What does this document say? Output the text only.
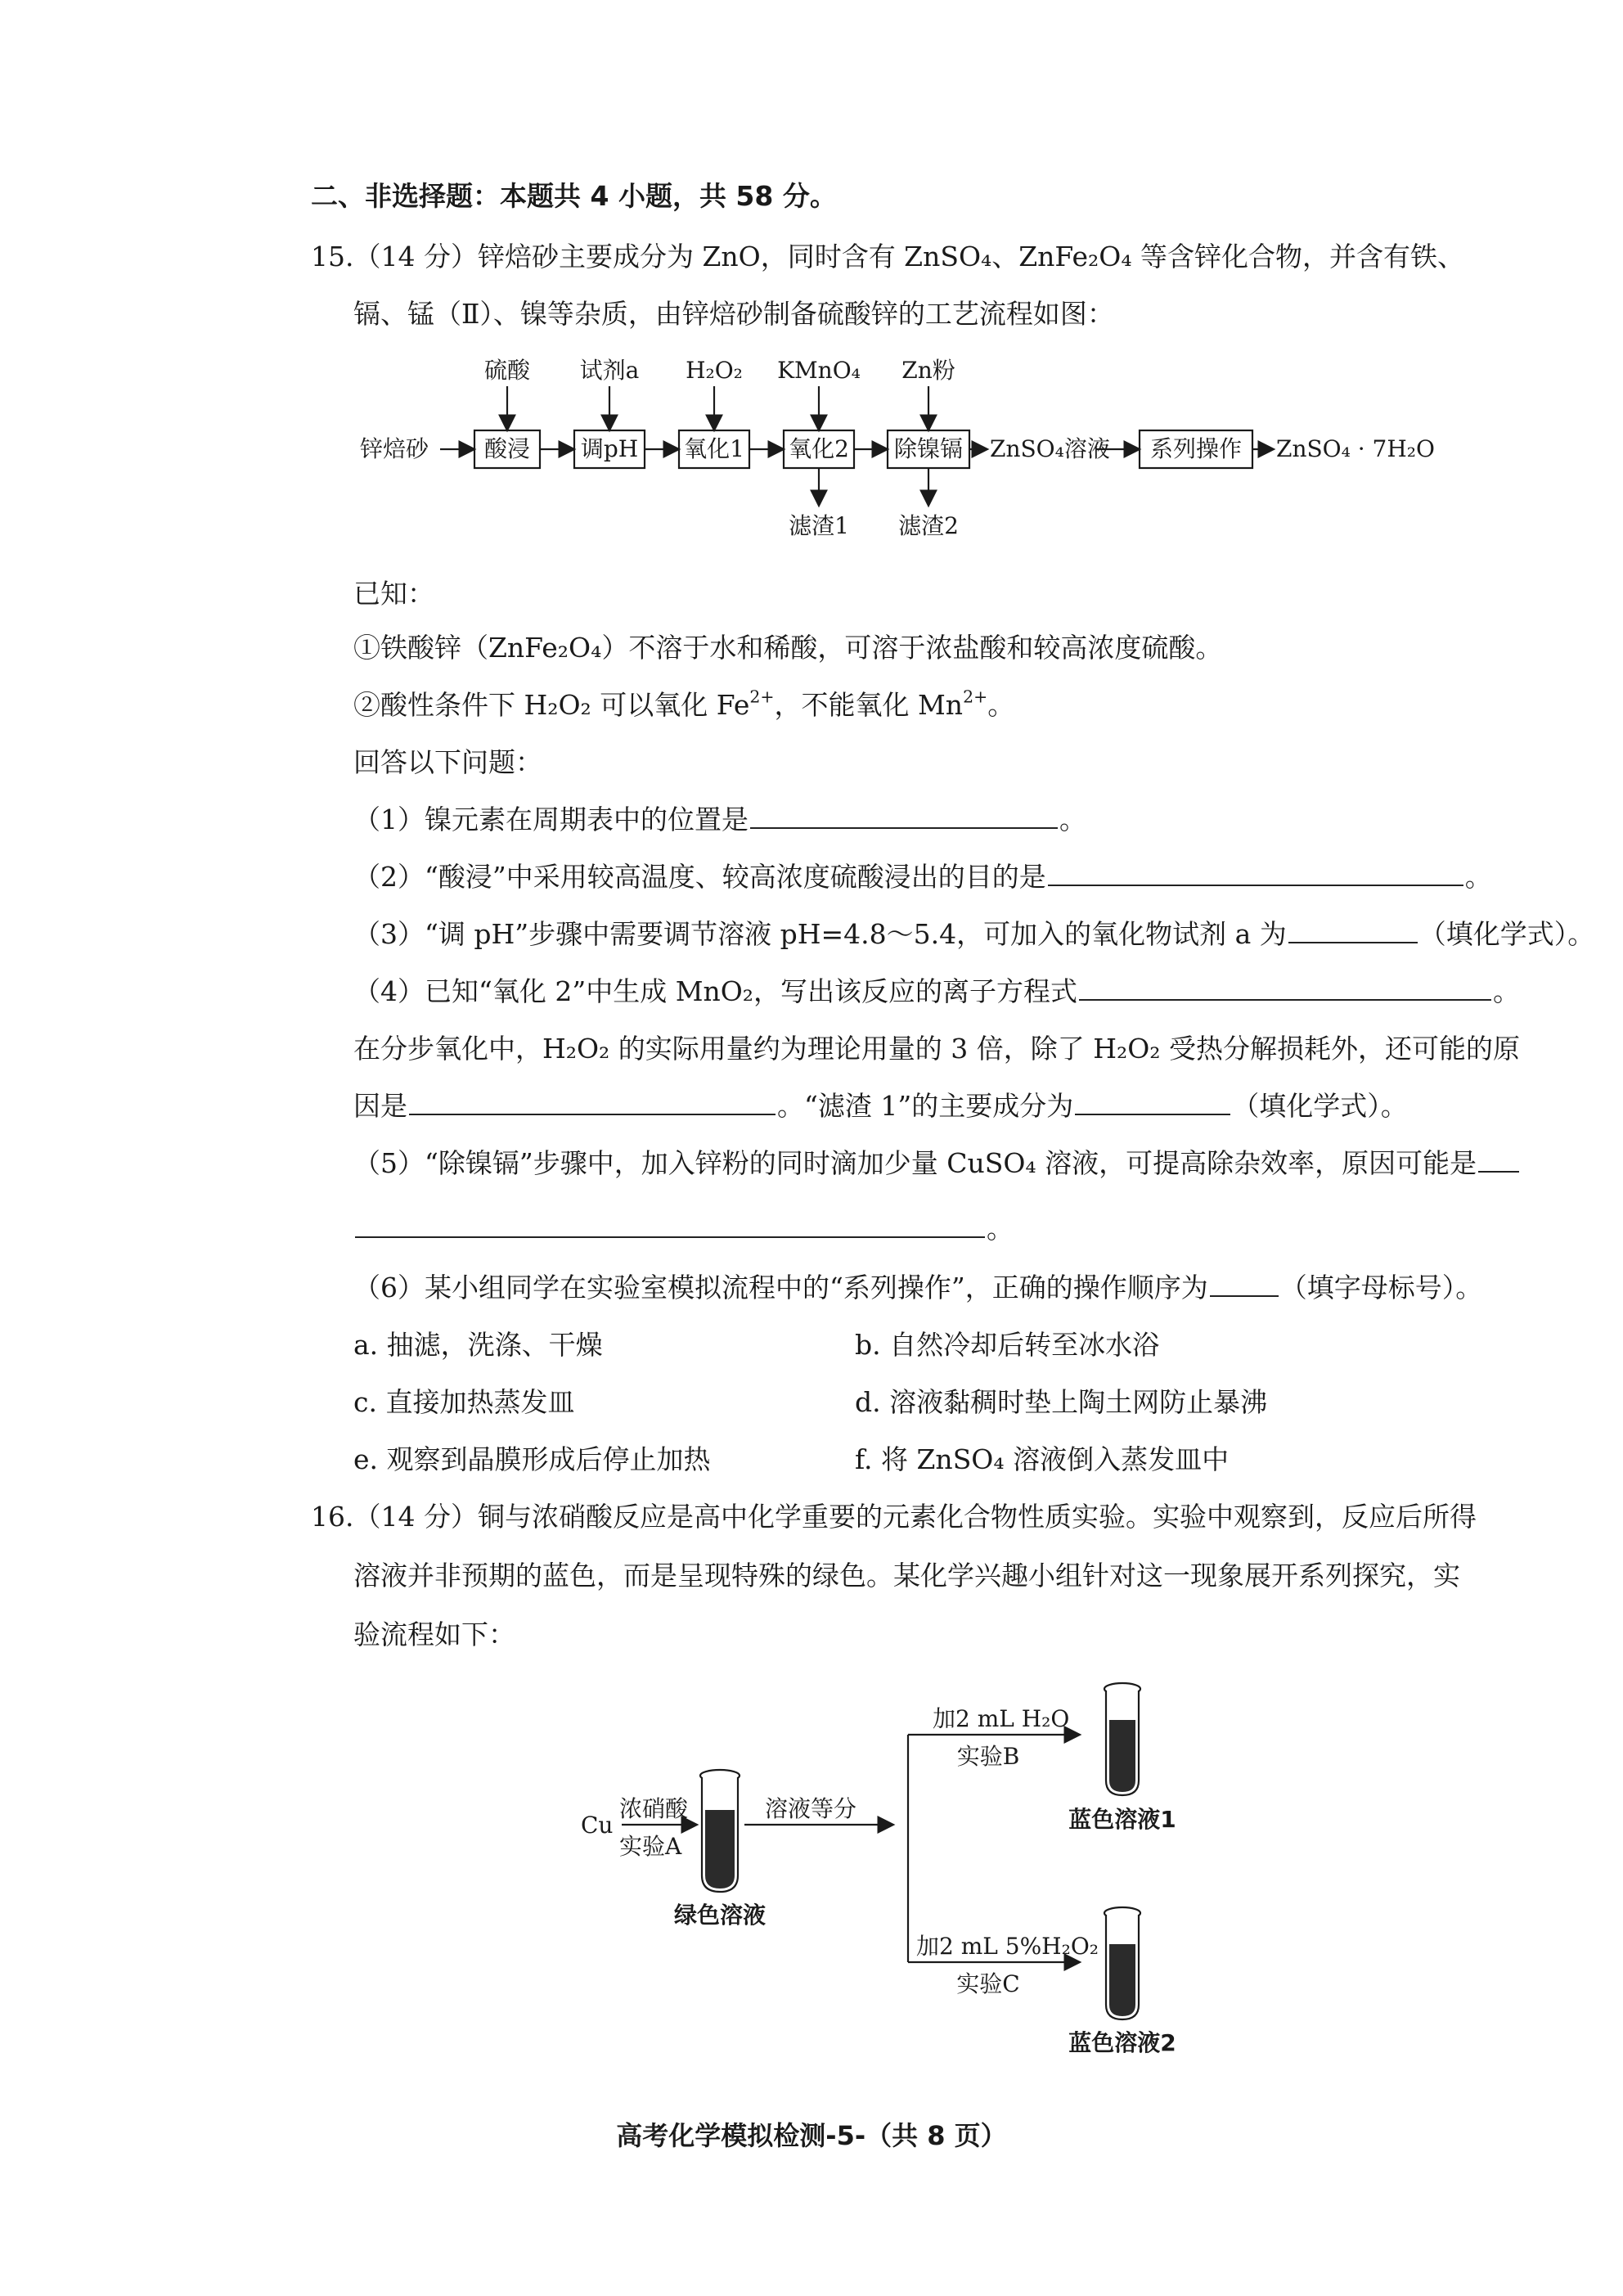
二、非选择题：本题共 4 小题，共 58 分。
15.（14 分）锌焙砂主要成分为 ZnO，同时含有 ZnSO₄、ZnFe₂O₄ 等含锌化合物，并含有铁、
镉、锰（Ⅱ）、镍等杂质，由锌焙砂制备硫酸锌的工艺流程如图：
锌焙砂 酸浸 调pH 氧化1 氧化2 除镍镉
硫酸 试剂a H₂O₂ KMnO₄ Zn粉
滤渣1 滤渣2
ZnSO₄溶液 系列操作 ZnSO₄ · 7H₂O
已知：
①铁酸锌（ZnFe₂O₄）不溶于水和稀酸，可溶于浓盐酸和较高浓度硫酸。
②酸性条件下 H₂O₂ 可以氧化 $Fe^{2+}$，不能氧化 $Mn^{2+}$。
回答以下问题：
（1）镍元素在周期表中的位置是	。
（2）“酸浸”中采用较高温度、较高浓度硫酸浸出的目的是	。
（3）“调 pH”步骤中需要调节溶液 pH=4.8～5.4，可加入的氧化物试剂 a 为	（填化学式）。
（4）已知“氧化 2”中生成 MnO₂，写出该反应的离子方程式	。
在分步氧化中，H₂O₂ 的实际用量约为理论用量的 3 倍，除了 H₂O₂ 受热分解损耗外，还可能的原
因是	。“滤渣 1”的主要成分为	（填化学式）。
（5）“除镍镉”步骤中，加入锌粉的同时滴加少量 CuSO₄ 溶液，可提高除杂效率，原因可能是
。
（6）某小组同学在实验室模拟流程中的“系列操作”，正确的操作顺序为	（填字母标号）。
a. 抽滤，洗涤、干燥	b. 自然冷却后转至冰水浴
c. 直接加热蒸发皿	d. 溶液黏稠时垫上陶土网防止暴沸
e. 观察到晶膜形成后停止加热	f. 将 ZnSO₄ 溶液倒入蒸发皿中
16.（14 分）铜与浓硝酸反应是高中化学重要的元素化合物性质实验。实验中观察到，反应后所得
溶液并非预期的蓝色，而是呈现特殊的绿色。某化学兴趣小组针对这一现象展开系列探究，实
验流程如下：
Cu
浓硝酸
实验A
绿色溶液
溶液等分
加2 mL H₂O
实验B
蓝色溶液1
加2 mL 5%H₂O₂
实验C
蓝色溶液2
高考化学模拟检测-5-（共 8 页）
